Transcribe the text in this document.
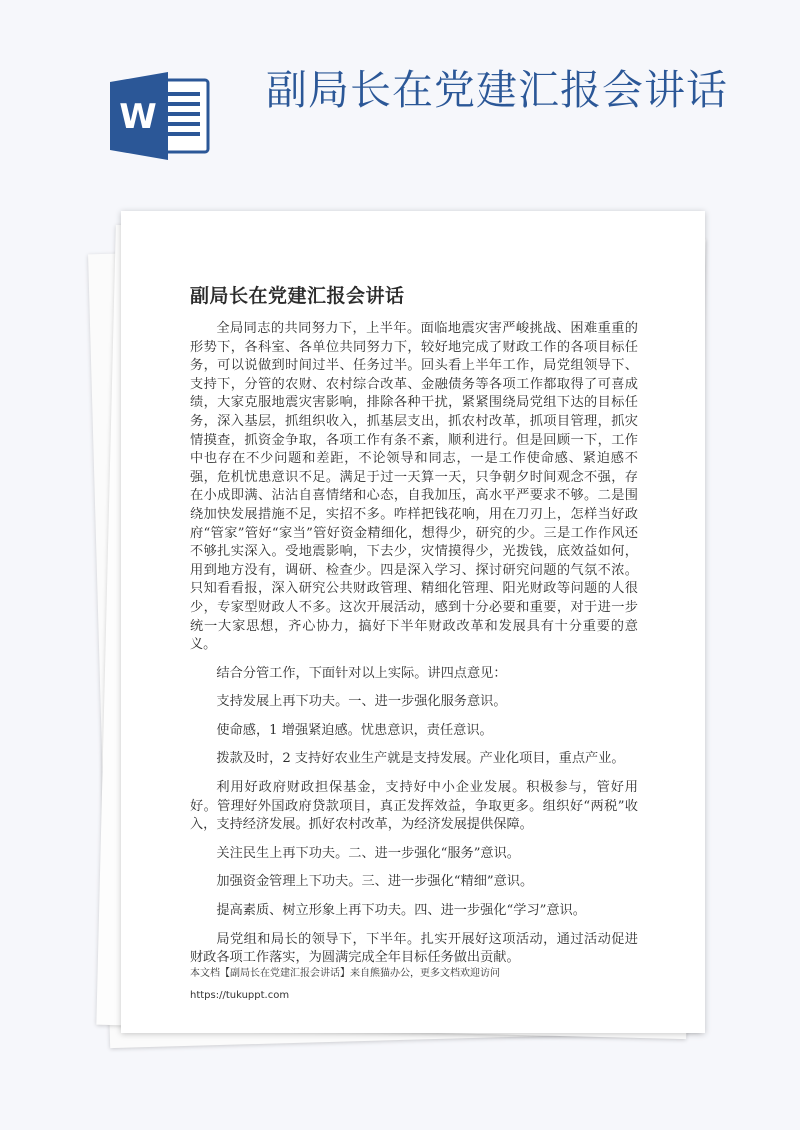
W
副局长在党建汇报会讲话
副局长在党建汇报会讲话

全局同志的共同努力下，上半年。面临地震灾害严峻挑战、困难重重的形势下，各科室、各单位共同努力下，较好地完成了财政工作的各项目标任务，可以说做到时间过半、任务过半。回头看上半年工作，局党组领导下、支持下，分管的农财、农村综合改革、金融债务等各项工作都取得了可喜成绩，大家克服地震灾害影响，排除各种干扰，紧紧围绕局党组下达的目标任务，深入基层，抓组织收入，抓基层支出，抓农村改革，抓项目管理，抓灾情摸查，抓资金争取，各项工作有条不紊，顺利进行。但是回顾一下，工作中也存在不少问题和差距，不论领导和同志，一是工作使命感、紧迫感不强，危机忧患意识不足。满足于过一天算一天，只争朝夕时间观念不强，存在小成即满、沾沾自喜情绪和心态，自我加压，高水平严要求不够。二是围绕加快发展措施不足，实招不多。咋样把钱花响，用在刀刃上，怎样当好政府“管家”管好“家当”管好资金精细化，想得少，研究的少。三是工作作风还不够扎实深入。受地震影响，下去少，灾情摸得少，光拨钱，底效益如何，用到地方没有，调研、检查少。四是深入学习、探讨研究问题的气氛不浓。只知看看报，深入研究公共财政管理、精细化管理、阳光财政等问题的人很少，专家型财政人不多。这次开展活动，感到十分必要和重要，对于进一步统一大家思想，齐心协力，搞好下半年财政改革和发展具有十分重要的意义。

结合分管工作，下面针对以上实际。讲四点意见：

支持发展上再下功夫。一、进一步强化服务意识。

使命感，1 增强紧迫感。忧患意识，责任意识。

拨款及时，2 支持好农业生产就是支持发展。产业化项目，重点产业。

利用好政府财政担保基金，支持好中小企业发展。积极参与，管好用好。管理好外国政府贷款项目，真正发挥效益，争取更多。组织好“两税”收入，支持经济发展。抓好农村改革，为经济发展提供保障。

关注民生上再下功夫。二、进一步强化“服务”意识。

加强资金管理上下功夫。三、进一步强化“精细”意识。

提高素质、树立形象上再下功夫。四、进一步强化“学习”意识。

局党组和局长的领导下，下半年。扎实开展好这项活动，通过活动促进财政各项工作落实，为圆满完成全年目标任务做出贡献。

本文档【副局长在党建汇报会讲话】来自熊猫办公，更多文档欢迎访问

https://tukuppt.com
